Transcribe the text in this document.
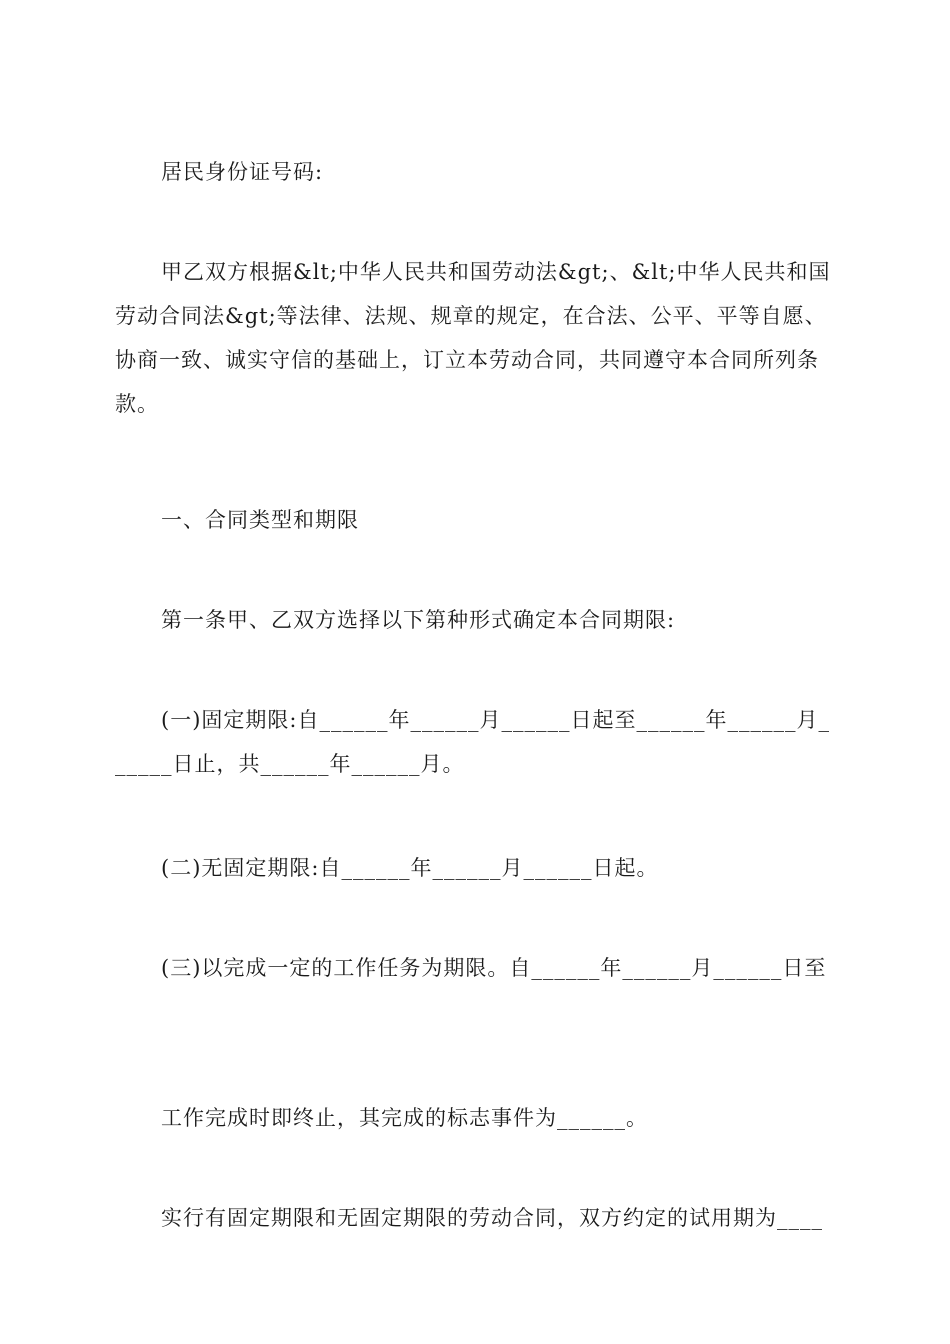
居民身份证号码:

甲乙双方根据&lt;中华人民共和国劳动法&gt;、&lt;中华人民共和国劳动合同法&gt;等法律、法规、规章的规定，在合法、公平、平等自愿、协商一致、诚实守信的基础上，订立本劳动合同，共同遵守本合同所列条款。

一、合同类型和期限

第一条甲、乙双方选择以下第种形式确定本合同期限:

(一)固定期限:自______年______月______日起至______年______月______日止，共______年______月。

(二)无固定期限:自______年______月______日起。

(三)以完成一定的工作任务为期限。自______年______月______日至

工作完成时即终止，其完成的标志事件为______。

实行有固定期限和无固定期限的劳动合同，双方约定的试用期为____
